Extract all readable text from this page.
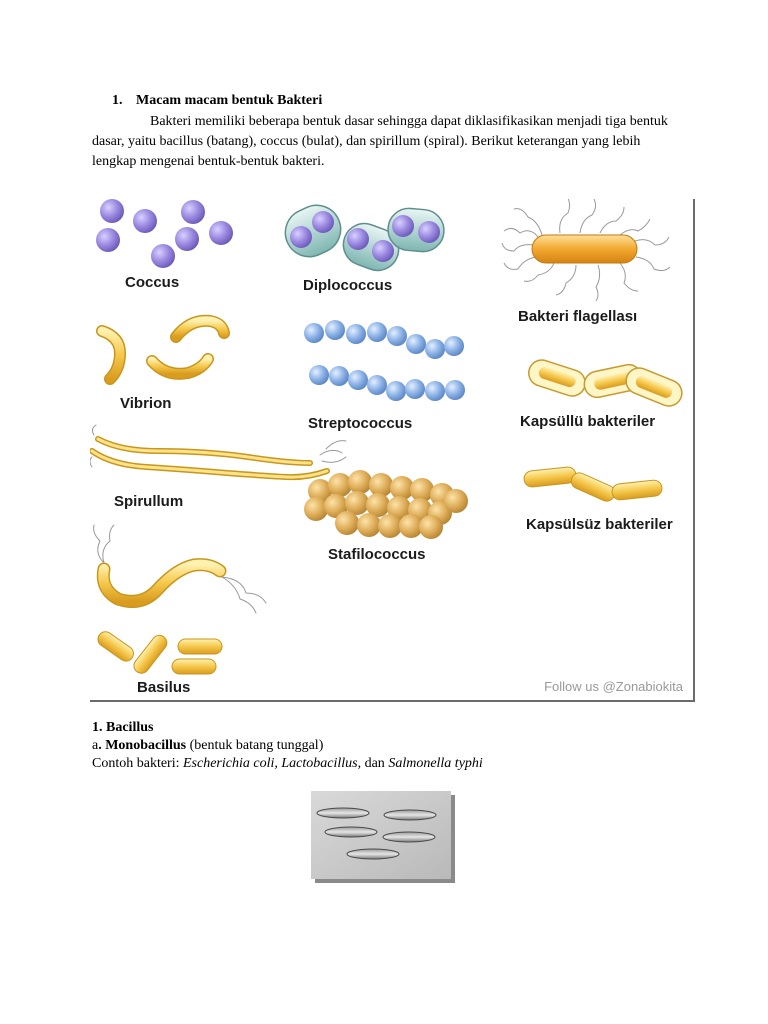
1. Macam macam bentuk Bakteri
Bakteri memiliki beberapa bentuk dasar sehingga dapat diklasifikasikan menjadi tiga bentuk dasar, yaitu bacillus (batang), coccus (bulat), dan spirillum (spiral). Berikut keterangan yang lebih lengkap mengenai bentuk-bentuk bakteri.
Coccus	Diplococcus
Bakteri flagellası
Vibrion
Streptococcus	Kapsüllü bakteriler
Spirullum
Stafilococcus
Kapsülsüz bakteriler
Basilus	Follow us @Zonabiokita
1. Bacillus
a. Monobacillus (bentuk batang tunggal)
Contoh bakteri: Escherichia coli, Lactobacillus, dan Salmonella typhi
